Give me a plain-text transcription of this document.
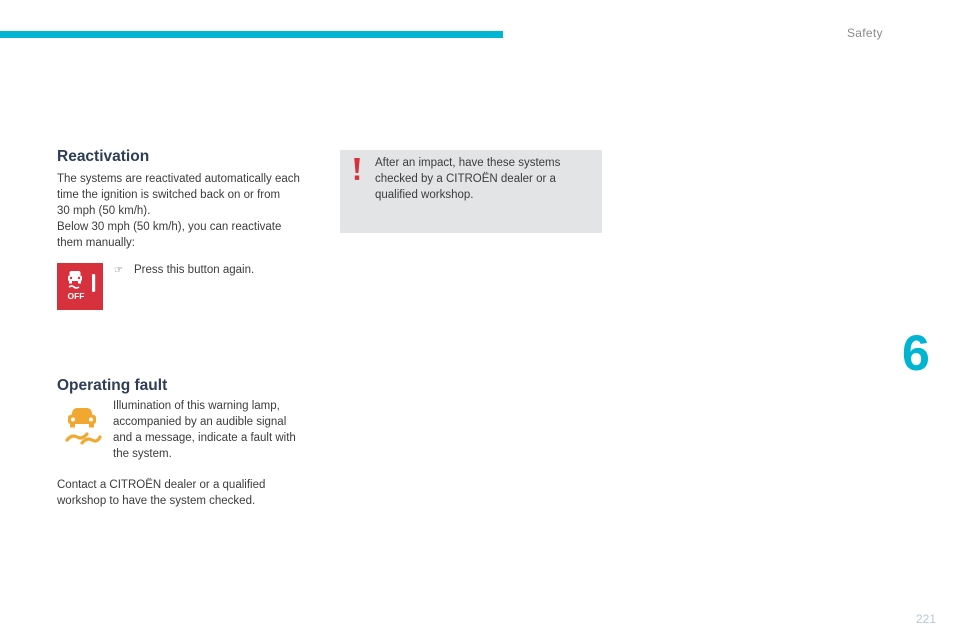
Safety
Reactivation

The systems are reactivated automatically each

time the ignition is switched back on or from

30 mph (50 km/h).

Below 30 mph (50 km/h), you can reactivate

them manually:

OFF
☞ Press this button again.
After an impact, have these systems
checked by a CITROËN dealer or a
qualified workshop.
Operating fault

Illumination of this warning lamp,

accompanied by an audible signal

and a message, indicate a fault with

the system.

Contact a CITROËN dealer or a qualified

workshop to have the system checked.

6
221
